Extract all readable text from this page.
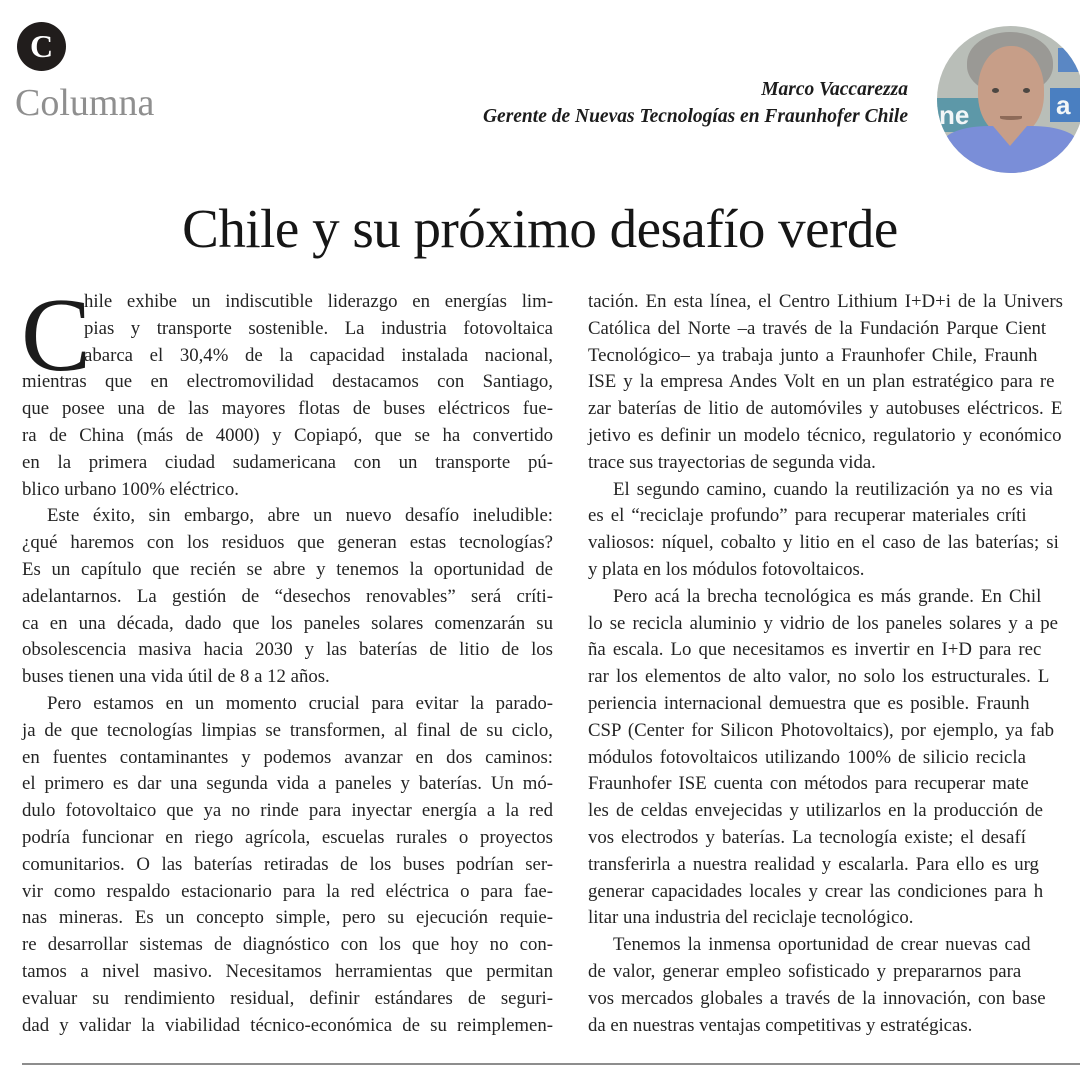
C
Columna	Marco Vaccarezza
Gerente de Nuevas Tecnologías en Fraunhofer Chile	ne	a
Chile y su próximo desafío verde
C
hile exhibe un indiscutible liderazgo en energías lim-
pias y transporte sostenible. La industria fotovoltaica
abarca el 30,4% de la capacidad instalada nacional,
mientras que en electromovilidad destacamos con Santiago,
que posee una de las mayores flotas de buses eléctricos fue-
ra de China (más de 4000) y Copiapó, que se ha convertido
en la primera ciudad sudamericana con un transporte pú-
blico urbano 100% eléctrico.
Este éxito, sin embargo, abre un nuevo desafío ineludible:
¿qué haremos con los residuos que generan estas tecnologías?
Es un capítulo que recién se abre y tenemos la oportunidad de
adelantarnos. La gestión de “desechos renovables” será críti-
ca en una década, dado que los paneles solares comenzarán su
obsolescencia masiva hacia 2030 y las baterías de litio de los
buses tienen una vida útil de 8 a 12 años.
Pero estamos en un momento crucial para evitar la parado-
ja de que tecnologías limpias se transformen, al final de su ciclo,
en fuentes contaminantes y podemos avanzar en dos caminos:
el primero es dar una segunda vida a paneles y baterías. Un mó-
dulo fotovoltaico que ya no rinde para inyectar energía a la red
podría funcionar en riego agrícola, escuelas rurales o proyectos
comunitarios. O las baterías retiradas de los buses podrían ser-
vir como respaldo estacionario para la red eléctrica o para fae-
nas mineras. Es un concepto simple, pero su ejecución requie-
re desarrollar sistemas de diagnóstico con los que hoy no con-
tamos a nivel masivo. Necesitamos herramientas que permitan
evaluar su rendimiento residual, definir estándares de seguri-
dad y validar la viabilidad técnico-económica de su reimplemen-
tación. En esta línea, el Centro Lithium I+D+i de la Univers
Católica del Norte –a través de la Fundación Parque Cient
Tecnológico– ya trabaja junto a Fraunhofer Chile, Fraunh
ISE y la empresa Andes Volt en un plan estratégico para re
zar baterías de litio de automóviles y autobuses eléctricos. E
jetivo es definir un modelo técnico, regulatorio y económico
trace sus trayectorias de segunda vida.
El segundo camino, cuando la reutilización ya no es via
es el “reciclaje profundo” para recuperar materiales críti
valiosos: níquel, cobalto y litio en el caso de las baterías; si
y plata en los módulos fotovoltaicos.
Pero acá la brecha tecnológica es más grande. En Chil
lo se recicla aluminio y vidrio de los paneles solares y a pe
ña escala. Lo que necesitamos es invertir en I+D para rec
rar los elementos de alto valor, no solo los estructurales. L
periencia internacional demuestra que es posible. Fraunh
CSP (Center for Silicon Photovoltaics), por ejemplo, ya fab
módulos fotovoltaicos utilizando 100% de silicio recicla
Fraunhofer ISE cuenta con métodos para recuperar mate
les de celdas envejecidas y utilizarlos en la producción de
vos electrodos y baterías. La tecnología existe; el desafí
transferirla a nuestra realidad y escalarla. Para ello es urg
generar capacidades locales y crear las condiciones para h
litar una industria del reciclaje tecnológico.
Tenemos la inmensa oportunidad de crear nuevas cad
de valor, generar empleo sofisticado y prepararnos para
vos mercados globales a través de la innovación, con base
da en nuestras ventajas competitivas y estratégicas.
